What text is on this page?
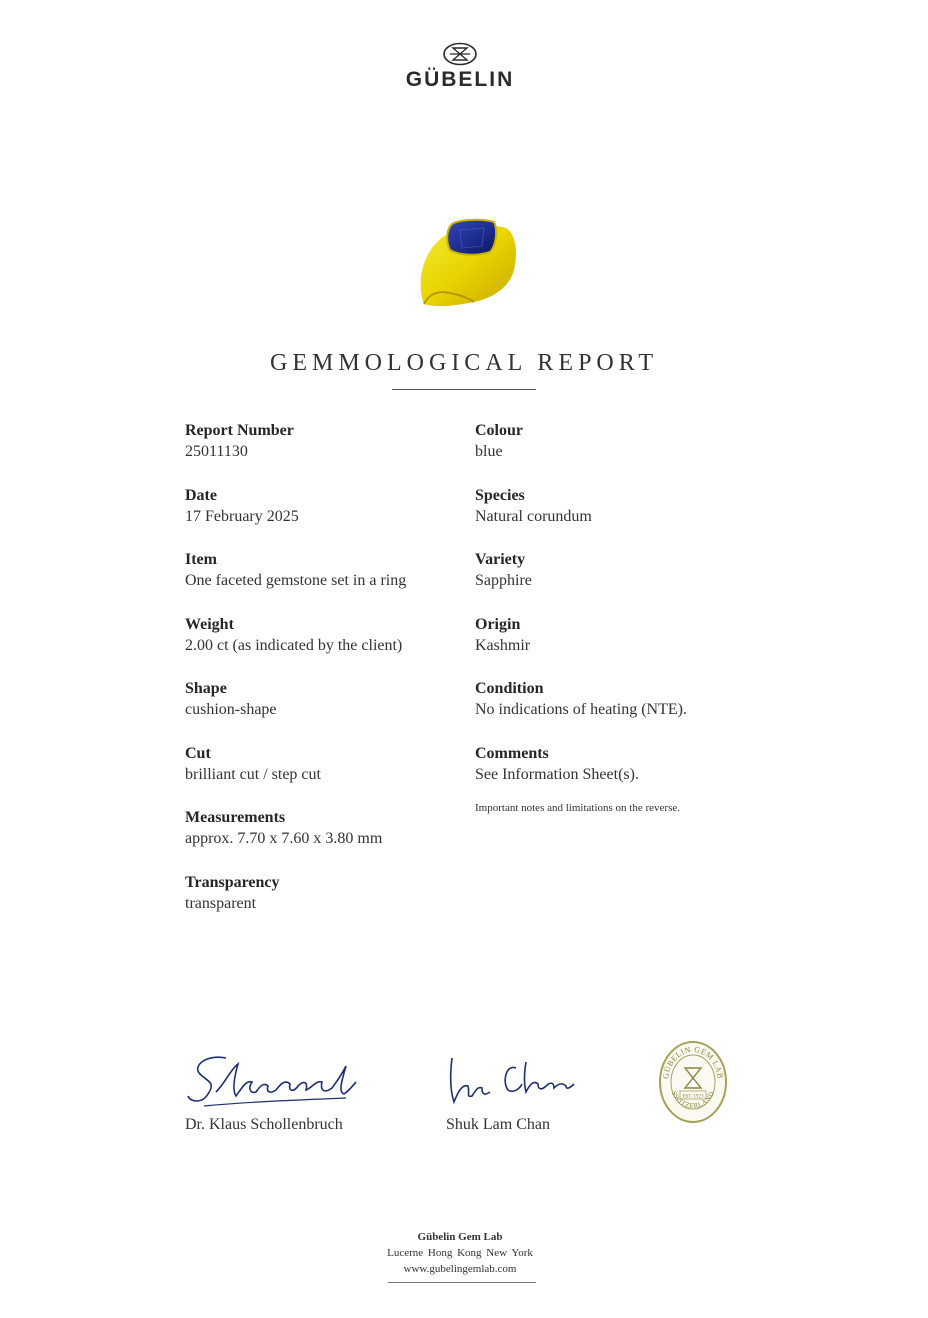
GÜBELIN
GEMMOLOGICAL REPORT
Report Number
25011130
Date
17 February 2025
Item
One faceted gemstone set in a ring
Weight
2.00 ct (as indicated by the client)
Shape
cushion-shape
Cut
brilliant cut / step cut
Measurements
approx. 7.70 x 7.60 x 3.80 mm
Transparency
transparent
Colour
blue
Species
Natural corundum
Variety
Sapphire
Origin
Kashmir
Condition
No indications of heating (NTE).
Comments
See Information Sheet(s).
Important notes and limitations on the reverse.
Dr. Klaus Schollenbruch	Shuk Lam Chan
GÜBELIN GEM LAB
SWITZERLAND
EST. 1923
Gübelin Gem Lab
Lucerne Hong Kong New York
www.gubelingemlab.com
